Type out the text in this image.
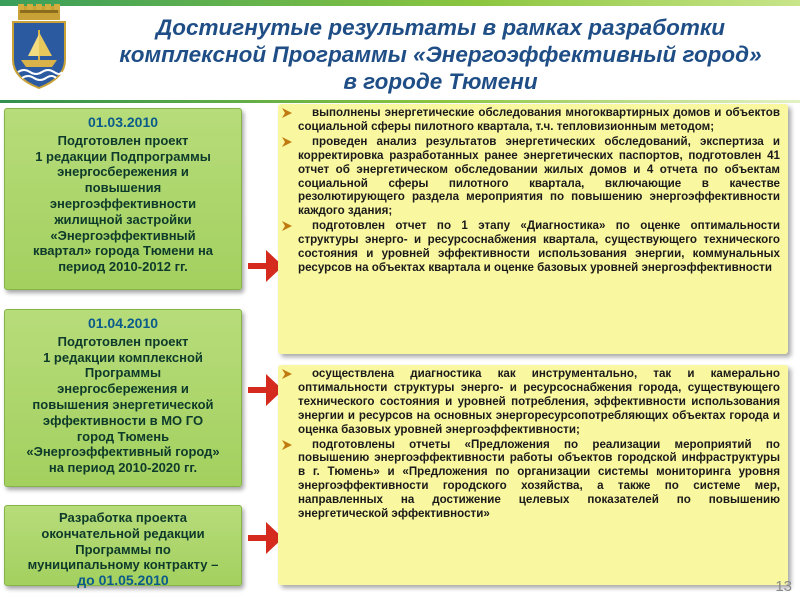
Достигнутые результаты в рамках разработки
комплексной Программы «Энергоэффективный город»
в городе Тюмени
01.03.2010
Подготовлен проект
1 редакции Подпрограммы
энергосбережения и
повышения
энергоэффективности
жилищной застройки
«Энергоэффективный
квартал» города Тюмени на
период 2010-2012 гг.
01.04.2010
Подготовлен проект
1 редакции комплексной
Программы
энергосбережения и
повышения энергетической
эффективности в МО ГО
город Тюмень
«Энергоэффективный город»
на период 2010-2020 гг.
Разработка проекта
окончательной редакции
Программы по
муниципальному контракту –
до 01.05.2010
выполнены энергетические обследования многоквартирных домов и объектов социальной сферы пилотного квартала, т.ч. тепловизионным методом;
проведен анализ результатов энергетических обследований, экспертиза и корректировка разработанных ранее энергетических паспортов, подготовлен 41 отчет об энергетическом обследовании жилых домов и 4 отчета по объектам социальной сферы пилотного квартала, включающие в качестве резолютирующего раздела мероприятия по повышению энергоэффективности каждого здания;
подготовлен отчет по 1 этапу «Диагностика» по оценке оптимальности структуры энерго- и ресурсоснабжения квартала, существующего технического состояния и уровней эффективности использования энергии, коммунальных ресурсов на объектах квартала и оценке базовых уровней энергоэффективности
осуществлена диагностика как инструментально, так и камерально оптимальности структуры энерго- и ресурсоснабжения города, существующего технического состояния и уровней потребления, эффективности использования энергии и ресурсов на основных энергоресурсопотребляющих объектах города и оценка базовых уровней энергоэффективности;
подготовлены отчеты «Предложения по реализации мероприятий по повышению энергоэффективности работы объектов городской инфраструктуры в г. Тюмень» и «Предложения по организации системы мониторинга уровня энергоэффективности городского хозяйства, а также по системе мер, направленных на достижение целевых показателей по повышению энергетической эффективности»
13
